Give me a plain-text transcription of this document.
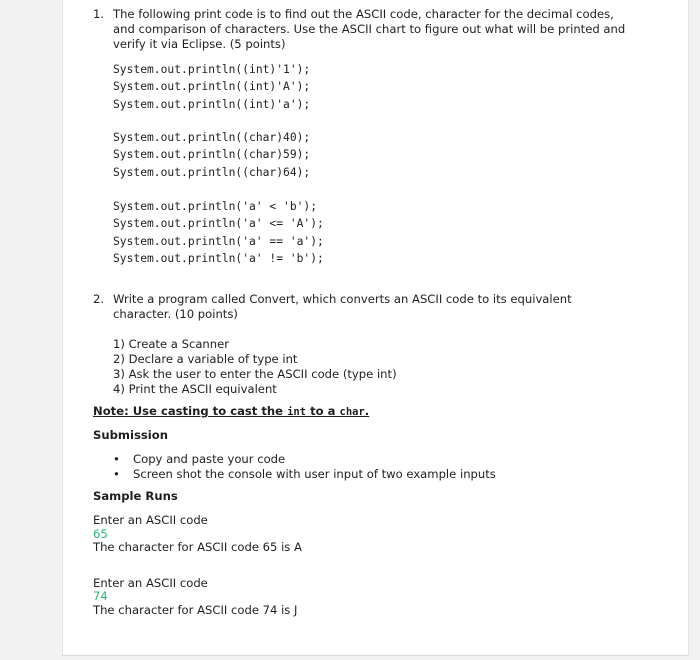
1. The following print code is to find out the ASCII code, character for the decimal codes,
and comparison of characters. Use the ASCII chart to figure out what will be printed and
verify it via Eclipse. (5 points)
System.out.println((int)'1');
System.out.println((int)'A');
System.out.println((int)'a');
System.out.println((char)40);
System.out.println((char)59);
System.out.println((char)64);
System.out.println('a' < 'b');
System.out.println('a' <= 'A');
System.out.println('a' == 'a');
System.out.println('a' != 'b');
2. Write a program called Convert, which converts an ASCII code to its equivalent
character. (10 points)
1) Create a Scanner
2) Declare a variable of type int
3) Ask the user to enter the ASCII code (type int)
4) Print the ASCII equivalent
Note: Use casting to cast the int to a char.
Submission
• Copy and paste your code
• Screen shot the console with user input of two example inputs
Sample Runs
Enter an ASCII code
65
The character for ASCII code 65 is A
Enter an ASCII code
74
The character for ASCII code 74 is J
